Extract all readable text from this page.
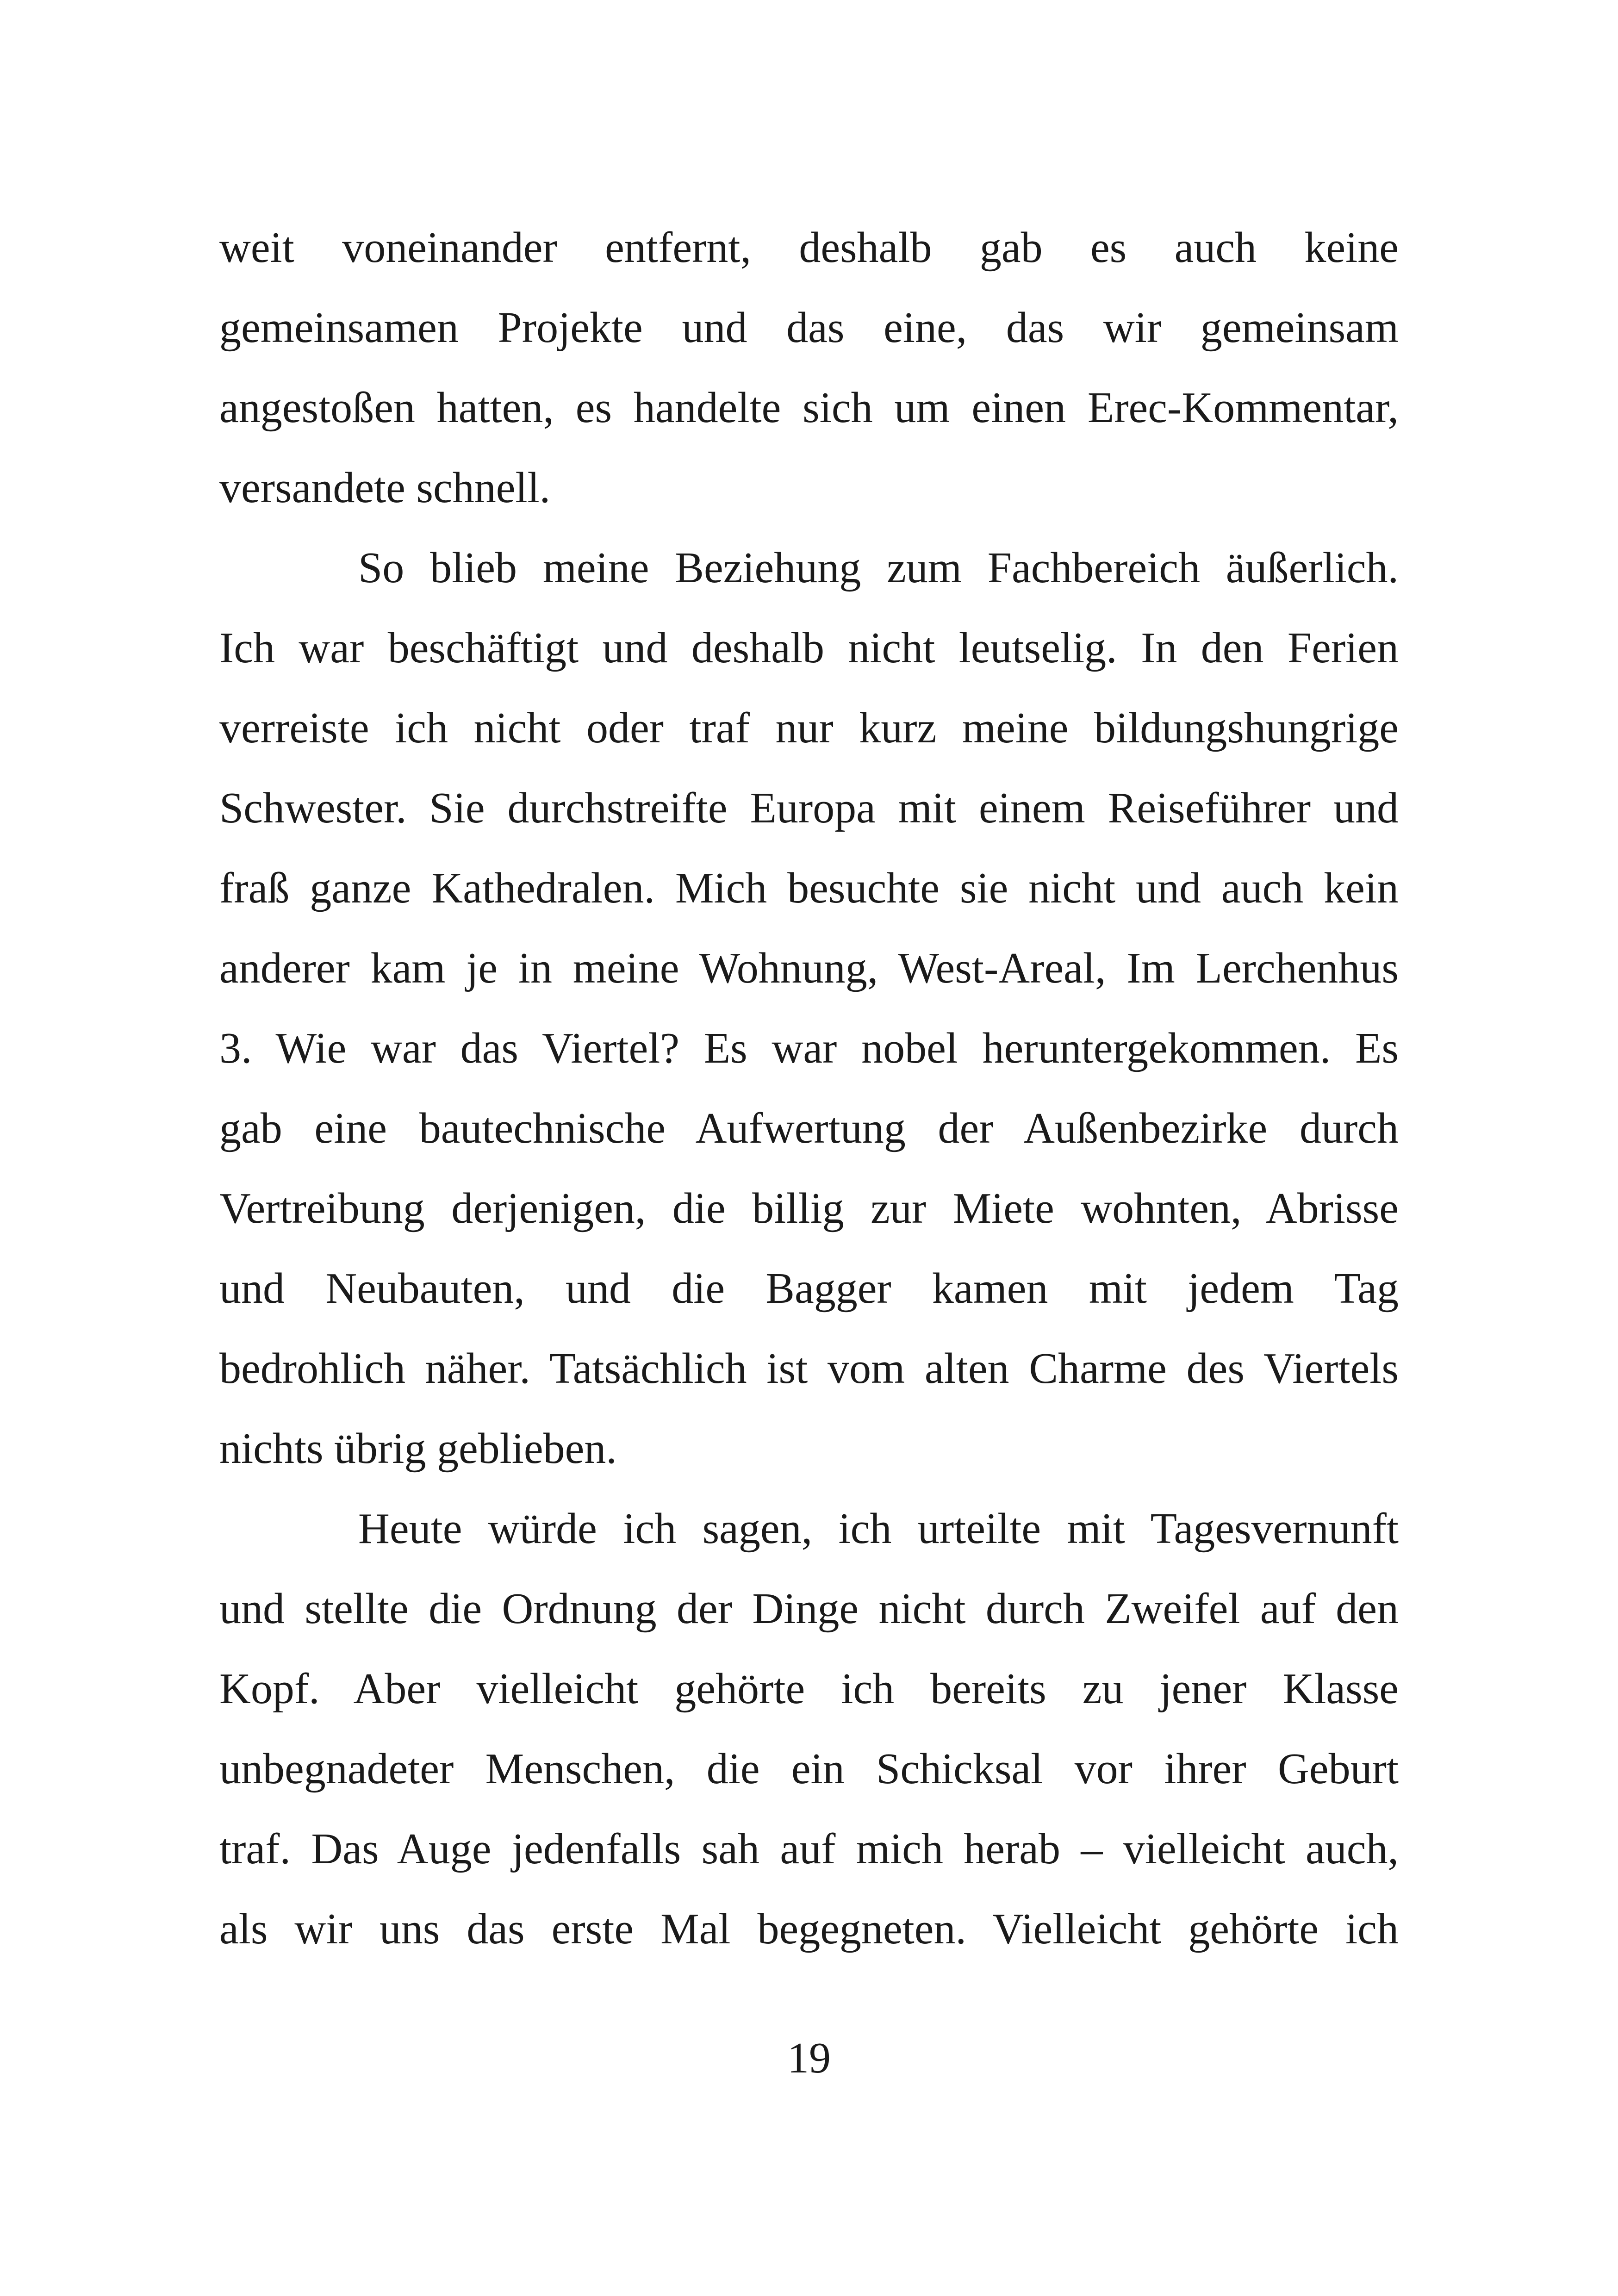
weit voneinander entfernt, deshalb gab es auch keine
gemeinsamen Projekte und das eine, das wir gemeinsam
angestoßen hatten, es handelte sich um einen Erec-Kommentar,
versandete schnell.
So blieb meine Beziehung zum Fachbereich äußerlich.
Ich war beschäftigt und deshalb nicht leutselig. In den Ferien
verreiste ich nicht oder traf nur kurz meine bildungshungrige
Schwester. Sie durchstreifte Europa mit einem Reiseführer und
fraß ganze Kathedralen. Mich besuchte sie nicht und auch kein
anderer kam je in meine Wohnung, West-Areal, Im Lerchenhus
3. Wie war das Viertel? Es war nobel heruntergekommen. Es
gab eine bautechnische Aufwertung der Außenbezirke durch
Vertreibung derjenigen, die billig zur Miete wohnten, Abrisse
und Neubauten, und die Bagger kamen mit jedem Tag
bedrohlich näher. Tatsächlich ist vom alten Charme des Viertels
nichts übrig geblieben.
Heute würde ich sagen, ich urteilte mit Tagesvernunft
und stellte die Ordnung der Dinge nicht durch Zweifel auf den
Kopf. Aber vielleicht gehörte ich bereits zu jener Klasse
unbegnadeter Menschen, die ein Schicksal vor ihrer Geburt
traf. Das Auge jedenfalls sah auf mich herab – vielleicht auch,
als wir uns das erste Mal begegneten. Vielleicht gehörte ich
19
